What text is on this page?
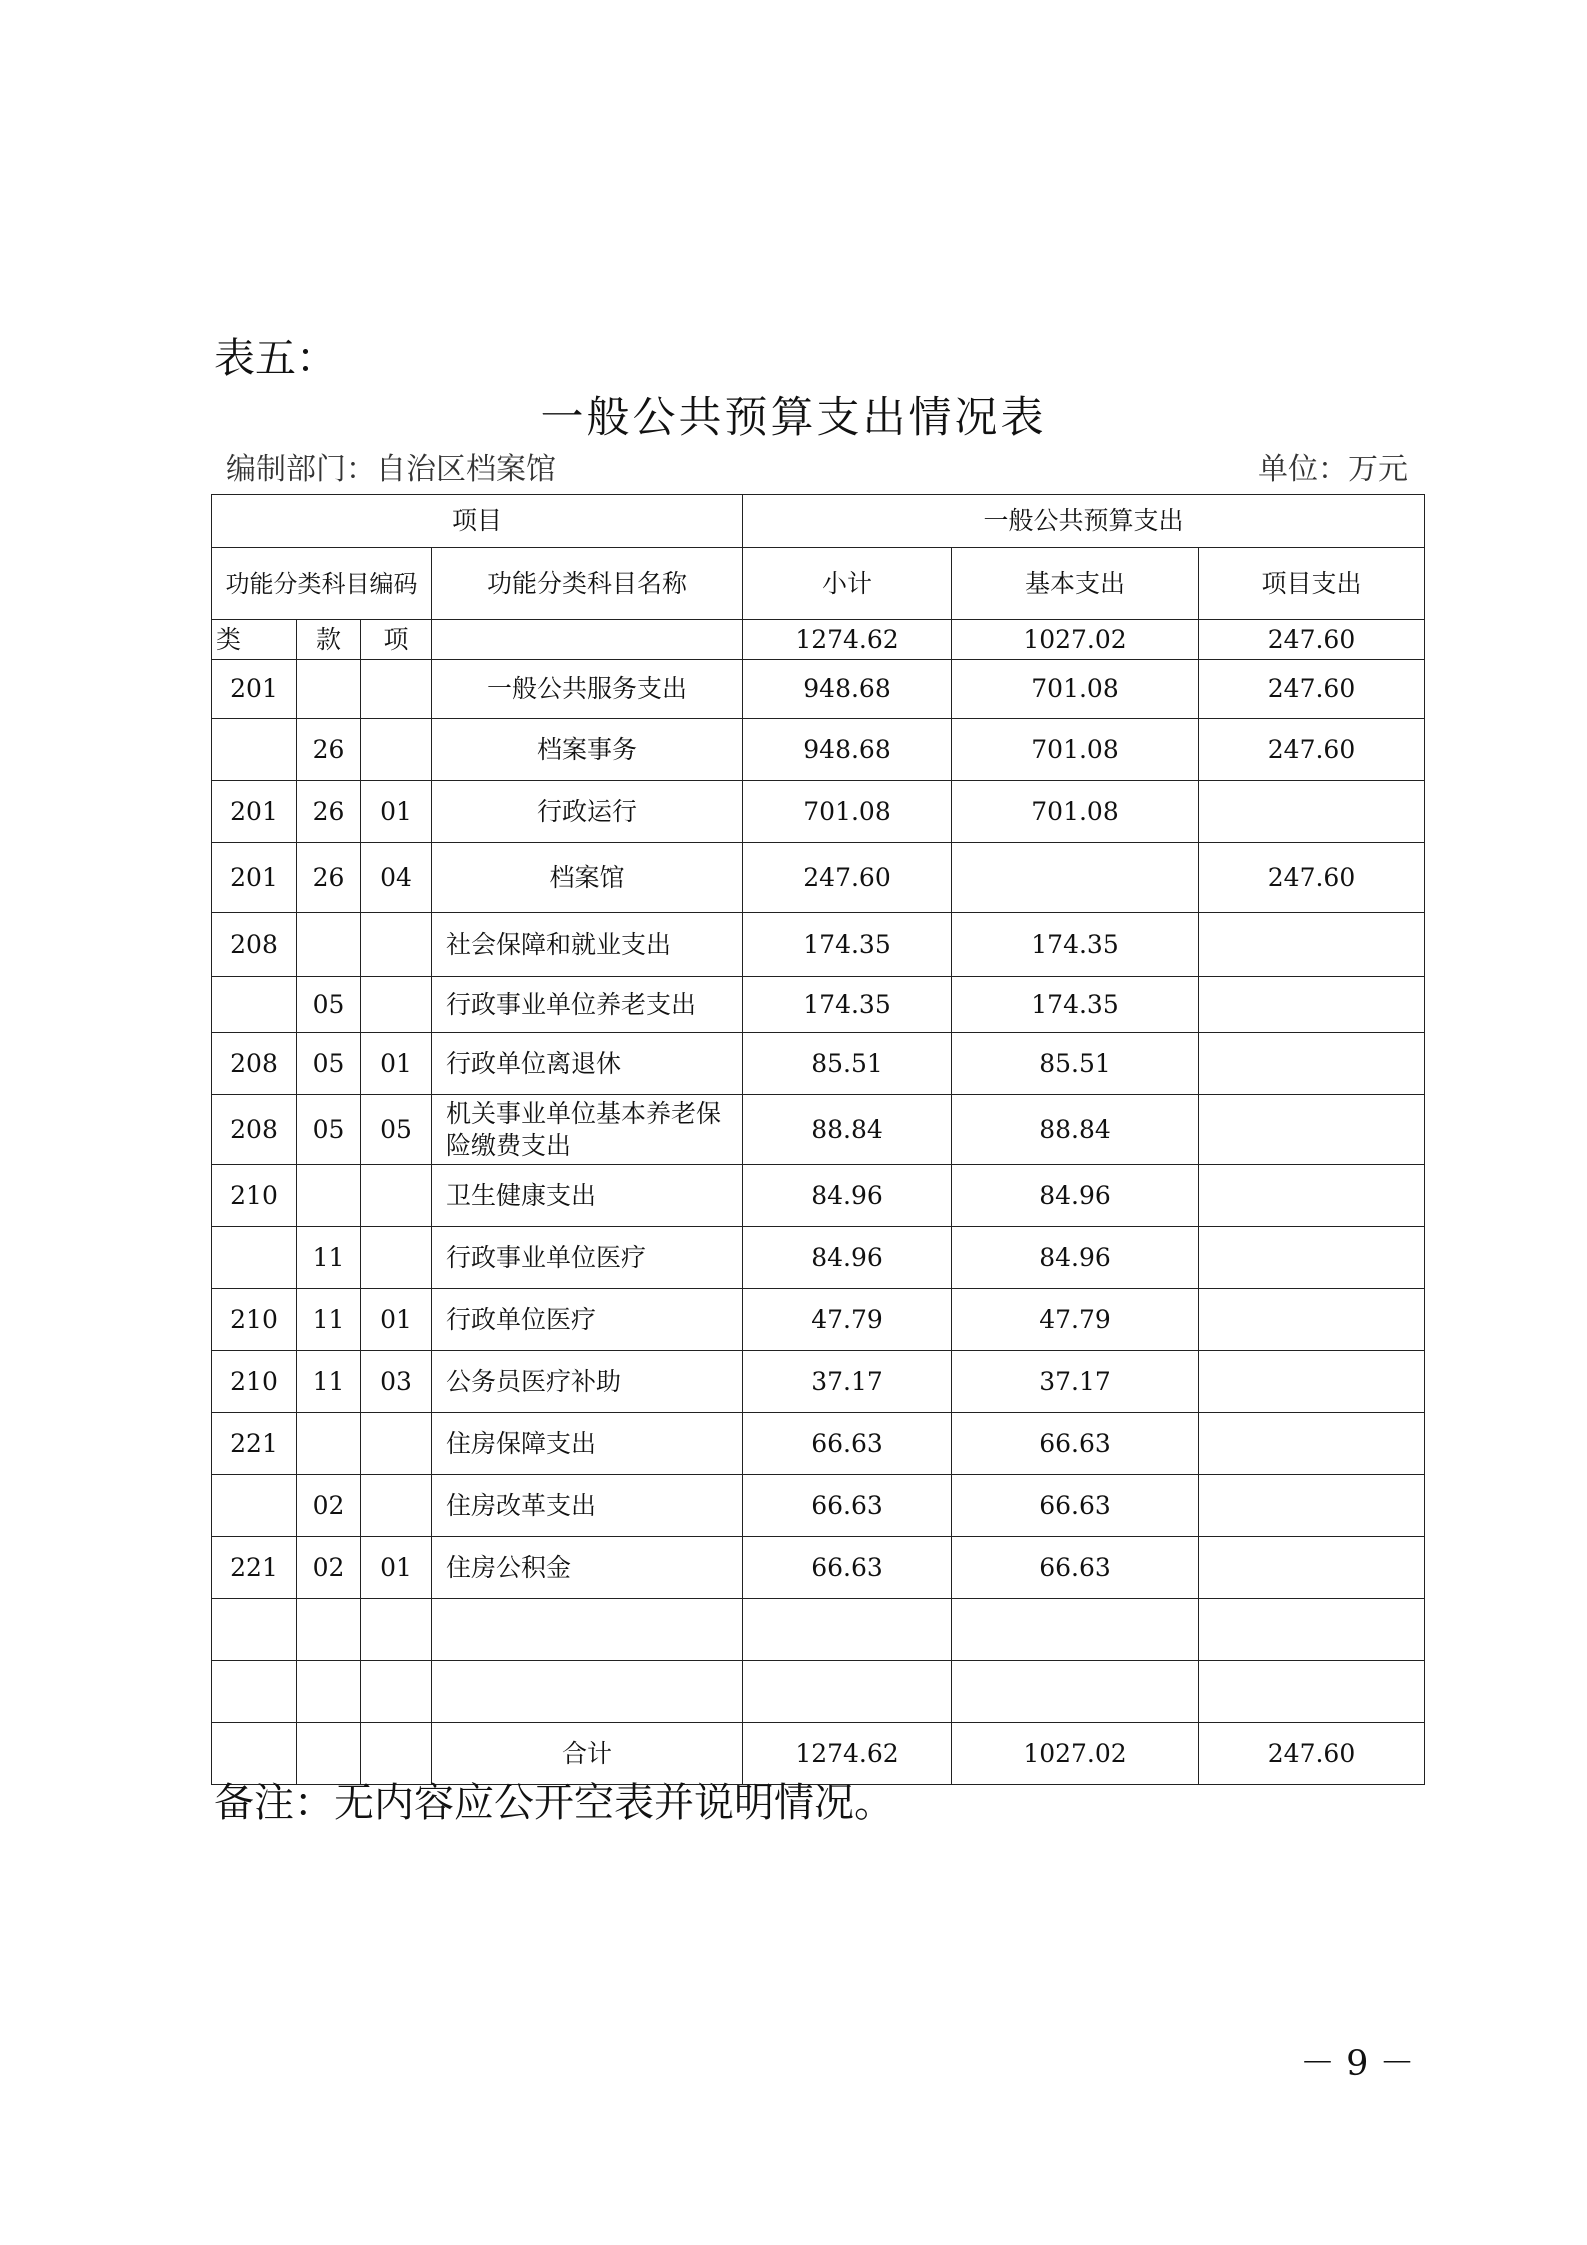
表五：
一般公共预算支出情况表
编制部门：自治区档案馆	单位：万元
项目				一般公共预算支出		
功能分类科目编码			功能分类科目名称	小计	基本支出	项目支出
类	款	项		1274.62	1027.02	247.60
201			一般公共服务支出	948.68	701.08	247.60
	26		档案事务	948.68	701.08	247.60
201	26	01	行政运行	701.08	701.08	
201	26	04	档案馆	247.60		247.60
208			社会保障和就业支出	174.35	174.35	
	05		行政事业单位养老支出	174.35	174.35	
208	05	01	行政单位离退休	85.51	85.51	
208	05	05	机关事业单位基本养老保险缴费支出	88.84	88.84	
210			卫生健康支出	84.96	84.96	
	11		行政事业单位医疗	84.96	84.96	
210	11	01	行政单位医疗	47.79	47.79	
210	11	03	公务员医疗补助	37.17	37.17	
221			住房保障支出	66.63	66.63	
	02		住房改革支出	66.63	66.63	
221	02	01	住房公积金	66.63	66.63	

			合计	1274.62	1027.02	247.60
备注：无内容应公开空表并说明情况。
－ 9 －
